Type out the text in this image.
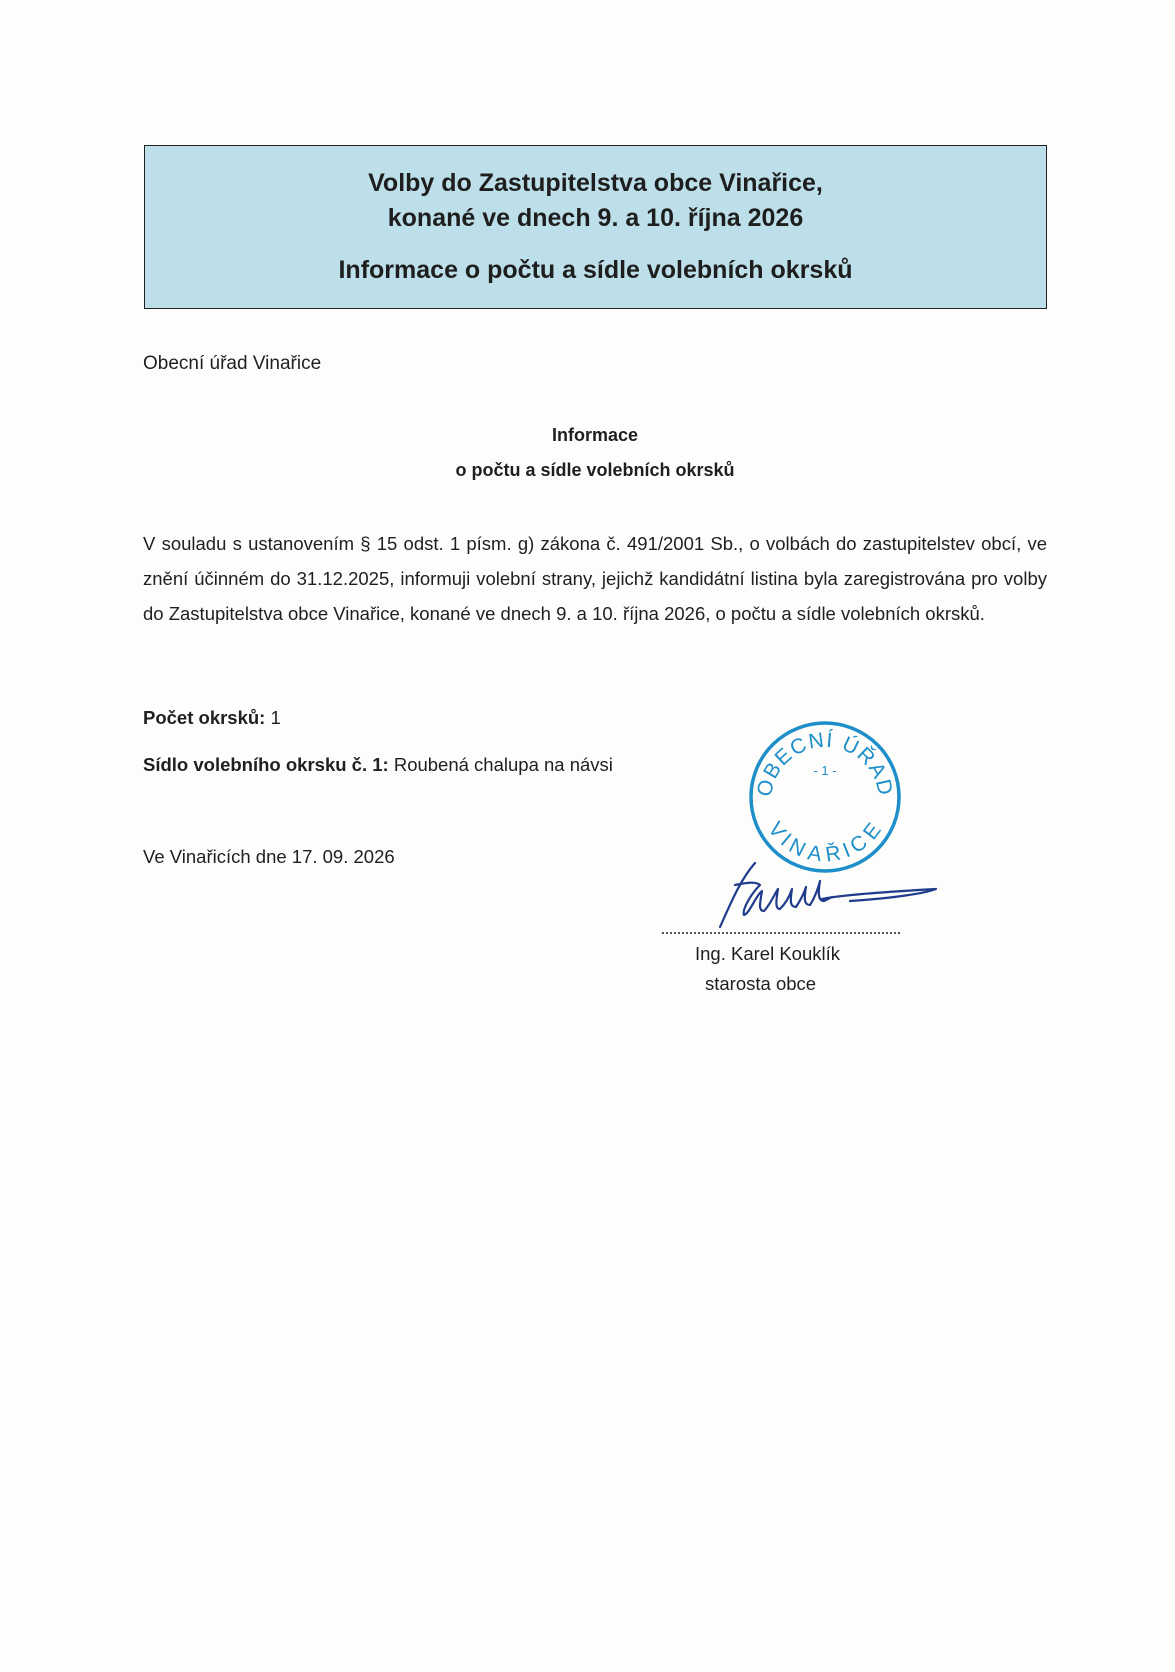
Volby do Zastupitelstva obce Vinařice,
konané ve dnech 9. a 10. října 2026
Informace o počtu a sídle volebních okrsků
Obecní úřad Vinařice
Informace
o počtu a sídle volebních okrsků
V souladu s ustanovením § 15 odst. 1 písm. g) zákona č. 491/2001 Sb., o volbách do zastupitelstev obcí, ve znění účinném do 31.12.2025, informuji volební strany, jejichž kandidátní listina byla zaregistrována pro volby do Zastupitelstva obce Vinařice, konané ve dnech 9. a 10. října 2026, o počtu a sídle volebních okrsků.
Počet okrsků: 1
Sídlo volebního okrsku č. 1: Roubená chalupa na návsi
Ve Vinařicích dne 17. 09. 2026
OBECNÍ ÚŘAD
- 1 -
VINAŘICE
Ing. Karel Kouklík
starosta obce
